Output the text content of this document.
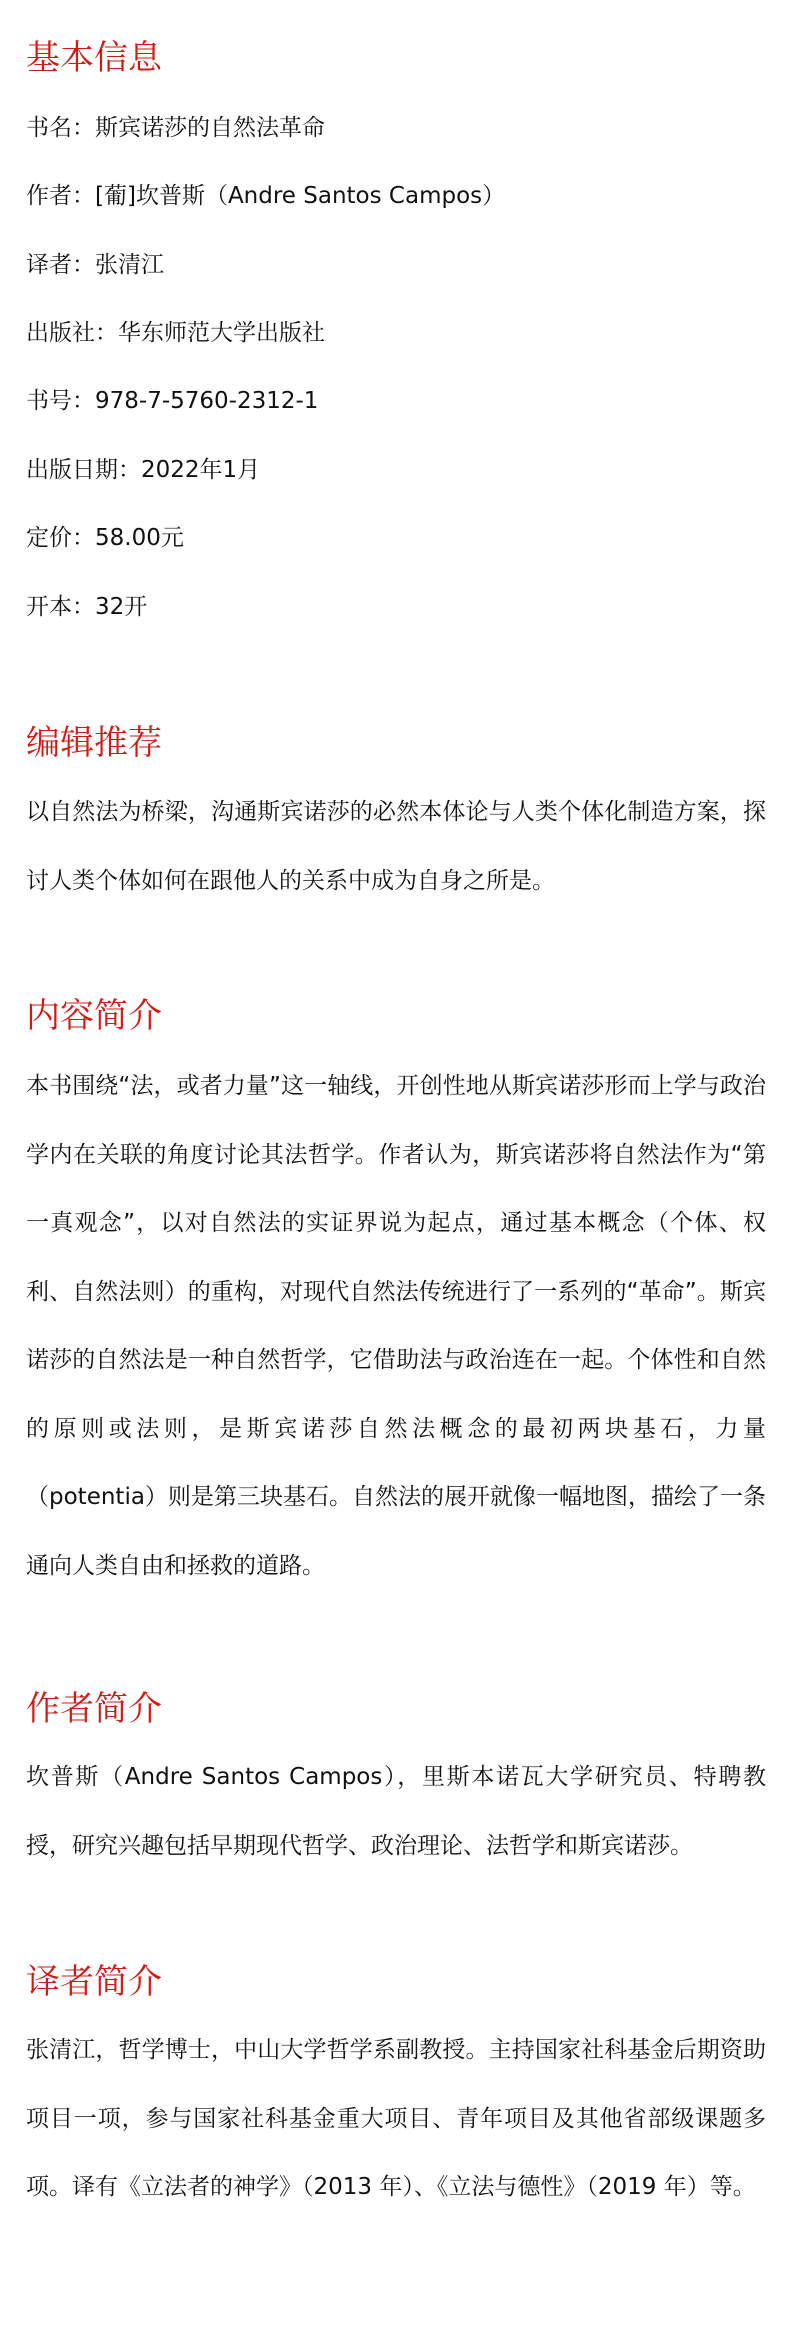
基本信息

书名：斯宾诺莎的自然法革命

作者：[葡]坎普斯（Andre Santos Campos）

译者：张清江

出版社：华东师范大学出版社

书号：978-7-5760-2312-1

出版日期：2022年1月

定价：58.00元

开本：32开

编辑推荐

以自然法为桥梁，沟通斯宾诺莎的必然本体论与人类个体化制造方案，探讨人类个体如何在跟他人的关系中成为自身之所是。

内容简介

本书围绕“法，或者力量”这一轴线，开创性地从斯宾诺莎形而上学与政治学内在关联的角度讨论其法哲学。作者认为，斯宾诺莎将自然法作为“第一真观念”，以对自然法的实证界说为起点，通过基本概念（个体、权利、自然法则）的重构，对现代自然法传统进行了一系列的“革命”。斯宾诺莎的自然法是一种自然哲学，它借助法与政治连在一起。个体性和自然的原则或法则，是斯宾诺莎自然法概念的最初两块基石，力量（potentia）则是第三块基石。自然法的展开就像一幅地图，描绘了一条通向人类自由和拯救的道路。

作者简介

坎普斯（Andre Santos Campos），里斯本诺瓦大学研究员、特聘教授，研究兴趣包括早期现代哲学、政治理论、法哲学和斯宾诺莎。

译者简介

张清江，哲学博士，中山大学哲学系副教授。主持国家社科基金后期资助项目一项，参与国家社科基金重大项目、青年项目及其他省部级课题多项。译有《立法者的神学》（2013 年）、《立法与德性》（2019 年）等。
